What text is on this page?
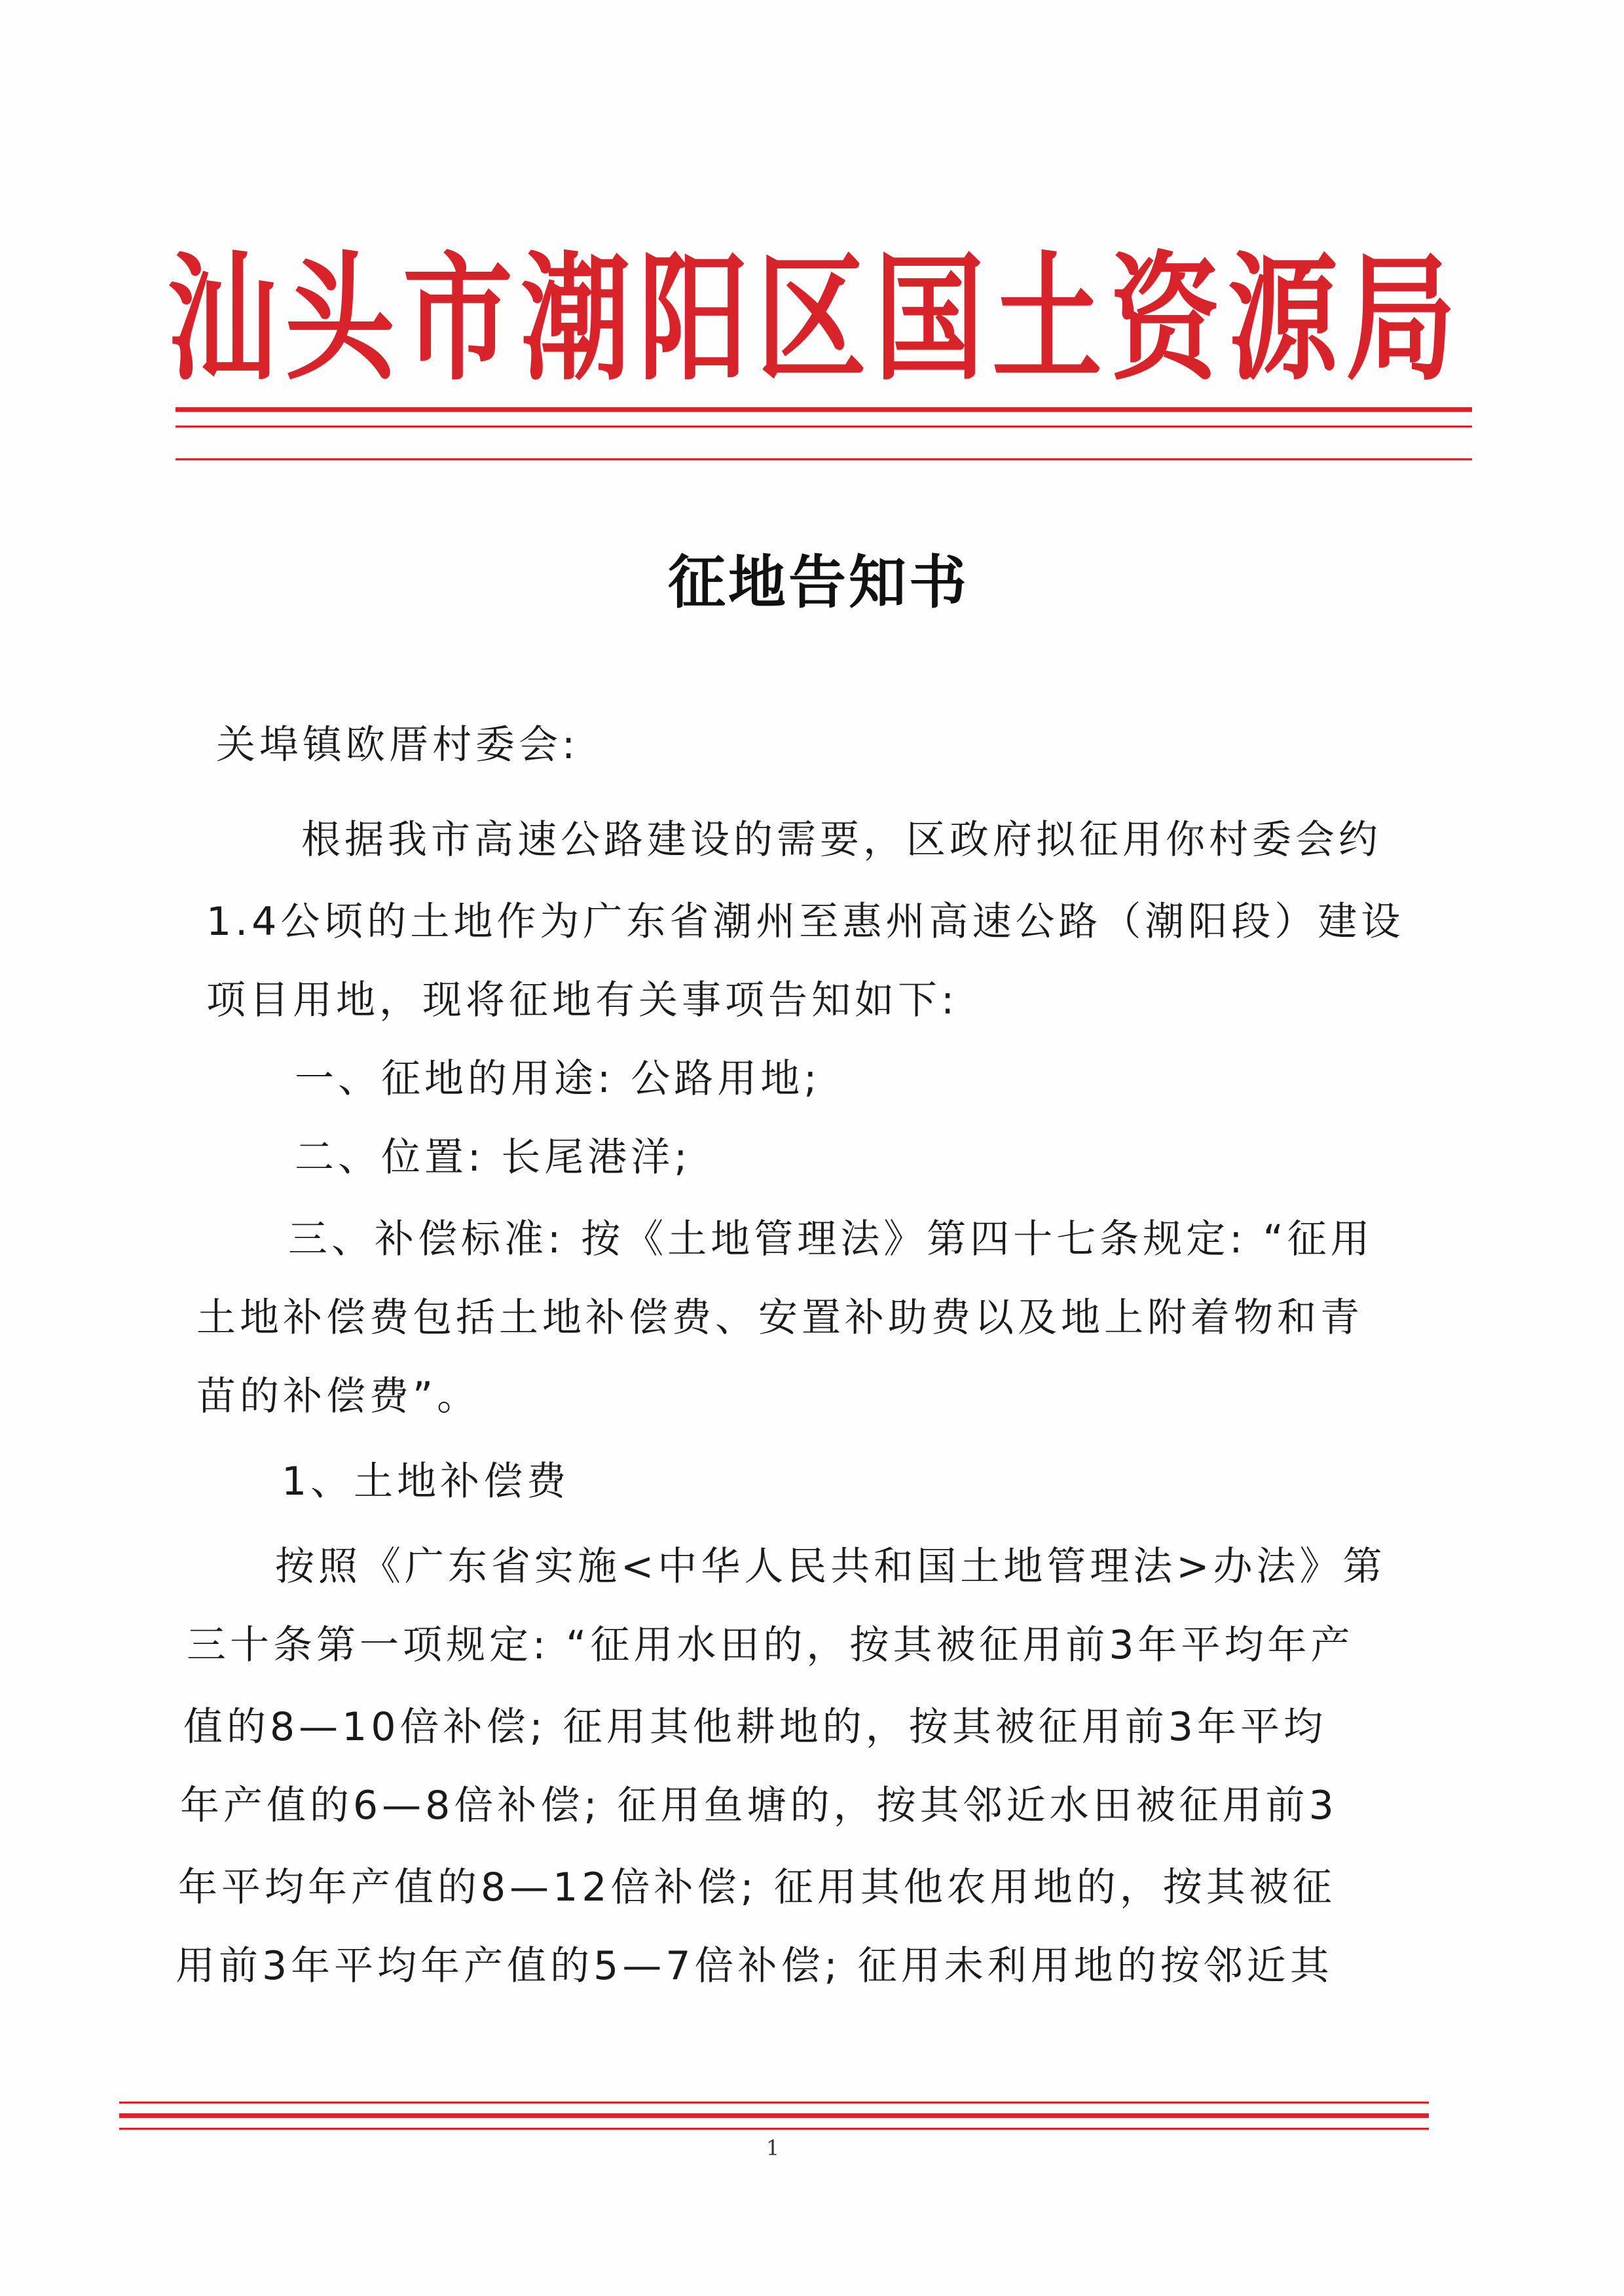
汕头市潮阳区国土资源局
征地告知书
关埠镇欧厝村委会:
根据我市高速公路建设的需要，区政府拟征用你村委会约
1.4公顷的土地作为广东省潮州至惠州高速公路（潮阳段）建设
项目用地，现将征地有关事项告知如下:
一、征地的用途: 公路用地;
二、位置: 长尾港洋;
三、补偿标准: 按《土地管理法》第四十七条规定: “征用
土地补偿费包括土地补偿费、安置补助费以及地上附着物和青
苗的补偿费”。
1、土地补偿费
按照《广东省实施<中华人民共和国土地管理法>办法》第
三十条第一项规定: “征用水田的，按其被征用前3年平均年产
值的8—10倍补偿; 征用其他耕地的，按其被征用前3年平均
年产值的6—8倍补偿; 征用鱼塘的，按其邻近水田被征用前3
年平均年产值的8—12倍补偿; 征用其他农用地的，按其被征
用前3年平均年产值的5—7倍补偿; 征用未利用地的按邻近其
1
